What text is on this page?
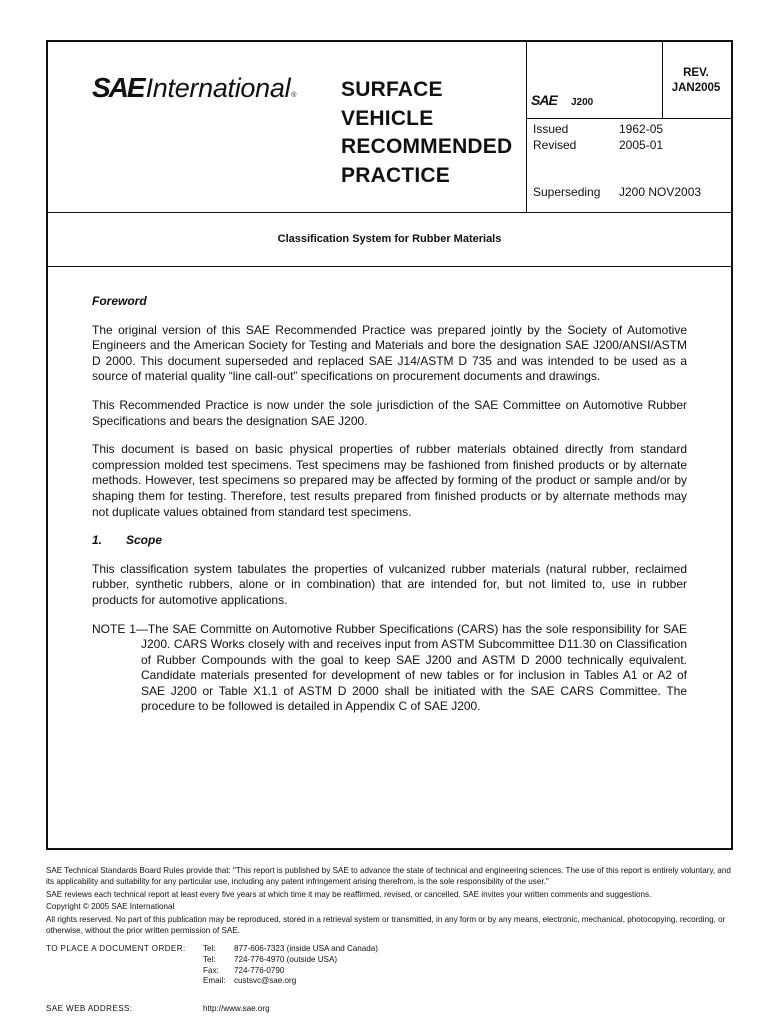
SAE International ® SURFACE
VEHICLE
RECOMMENDED
PRACTICE
SAE J200
REV.
JAN2005
Issued	1962-05
Revised	2005-01
Superseding J200 NOV2003
Classification System for Rubber Materials
Foreword

The original version of this SAE Recommended Practice was prepared jointly by the Society of Automotive Engineers and the American Society for Testing and Materials and bore the designation SAE J200/ANSI/ASTM D 2000. This document superseded and replaced SAE J14/ASTM D 735 and was intended to be used as a source of material quality “line call-out” specifications on procurement documents and drawings.

This Recommended Practice is now under the sole jurisdiction of the SAE Committee on Automotive Rubber Specifications and bears the designation SAE J200.

This document is based on basic physical properties of rubber materials obtained directly from standard compression molded test specimens. Test specimens may be fashioned from finished products or by alternate methods. However, test specimens so prepared may be affected by forming of the product or sample and/or by shaping them for testing. Therefore, test results prepared from finished products or by alternate methods may not duplicate values obtained from standard test specimens.

1. Scope

This classification system tabulates the properties of vulcanized rubber materials (natural rubber, reclaimed rubber, synthetic rubbers, alone or in combination) that are intended for, but not limited to, use in rubber products for automotive applications.

NOTE 1—The SAE Committe on Automotive Rubber Specifications (CARS) has the sole responsibility for SAE J200. CARS Works closely with and receives input from ASTM Subcommittee D11.30 on Classification of Rubber Compounds with the goal to keep SAE J200 and ASTM D 2000 technically equivalent. Candidate materials presented for development of new tables or for inclusion in Tables A1 or A2 of SAE J200 or Table X1.1 of ASTM D 2000 shall be initiated with the SAE CARS Committee. The procedure to be followed is detailed in Appendix C of SAE J200.

SAE Technical Standards Board Rules provide that: "This report is published by SAE to advance the state of technical and engineering sciences. The use of this report is entirely voluntary, and its applicability and suitability for any particular use, including any patent infringement arising therefrom, is the sole responsibility of the user."

SAE reviews each technical report at least every five years at which time it may be reaffirmed, revised, or cancelled. SAE invites your written comments and suggestions.

Copyright © 2005 SAE International

All rights reserved. No part of this publication may be reproduced, stored in a retrieval system or transmitted, in any form or by any means, electronic, mechanical, photocopying, recording, or otherwise, without the prior written permission of SAE.

TO PLACE A DOCUMENT ORDER: Tel: 877-606-7323 (inside USA and Canada)
Tel: 724-776-4970 (outside USA)
Fax: 724-776-0790
Email: custsvc@sae.org
SAE WEB ADDRESS:	http://www.sae.org
